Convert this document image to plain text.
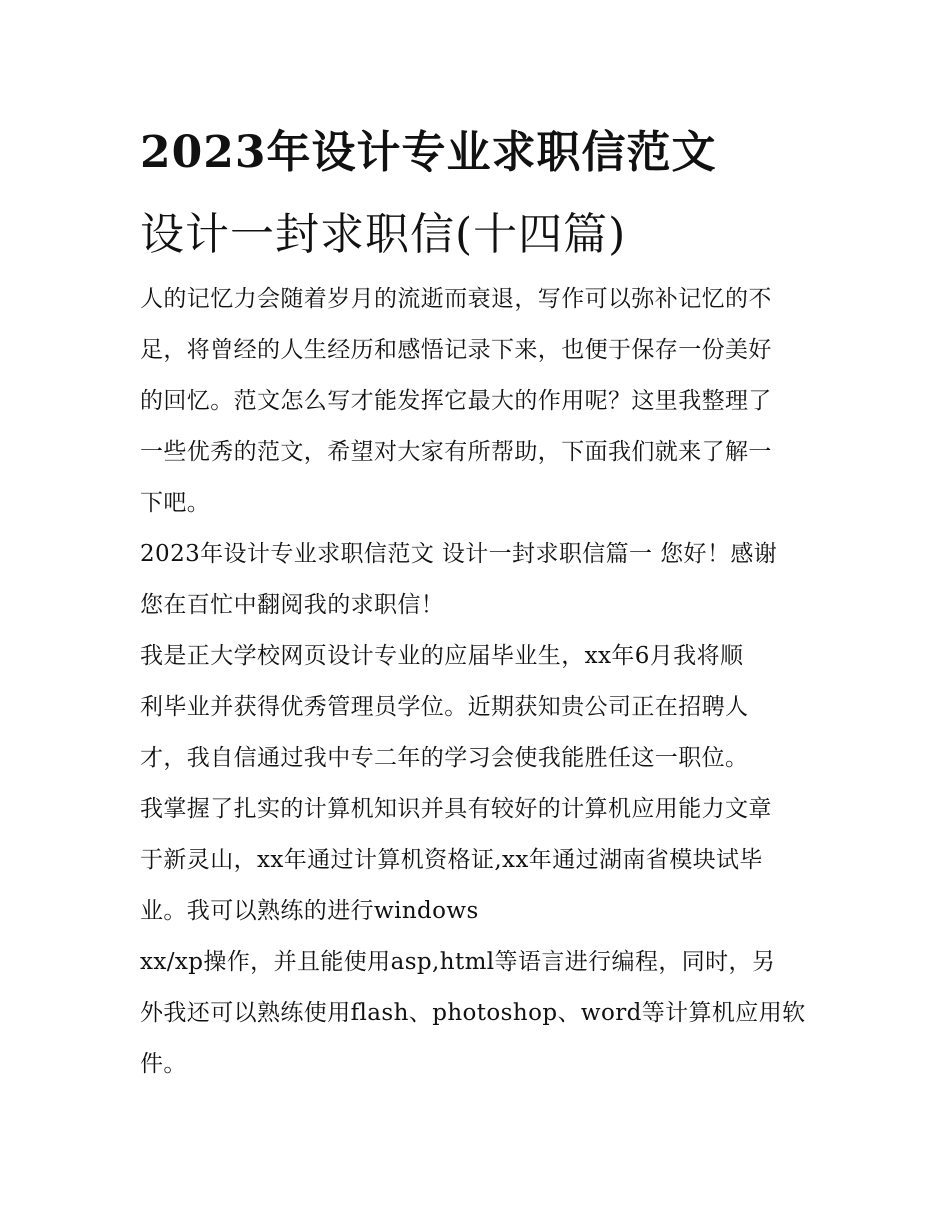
2023年设计专业求职信范文
设计一封求职信(十四篇)

人的记忆力会随着岁月的流逝而衰退，写作可以弥补记忆的不
足，将曾经的人生经历和感悟记录下来，也便于保存一份美好
的回忆。范文怎么写才能发挥它最大的作用呢？这里我整理了
一些优秀的范文，希望对大家有所帮助，下面我们就来了解一
下吧。

2023年设计专业求职信范文 设计一封求职信篇一 您好！感谢
您在百忙中翻阅我的求职信！

我是正大学校网页设计专业的应届毕业生，xx年6月我将顺
利毕业并获得优秀管理员学位。近期获知贵公司正在招聘人
才，我自信通过我中专二年的学习会使我能胜任这一职位。

我掌握了扎实的计算机知识并具有较好的计算机应用能力文章
于新灵山，xx年通过计算机资格证,xx年通过湖南省模块试毕
业。我可以熟练的进行windows

xx/xp操作，并且能使用asp,html等语言进行编程，同时，另
外我还可以熟练使用flash、photoshop、word等计算机应用软
件。
